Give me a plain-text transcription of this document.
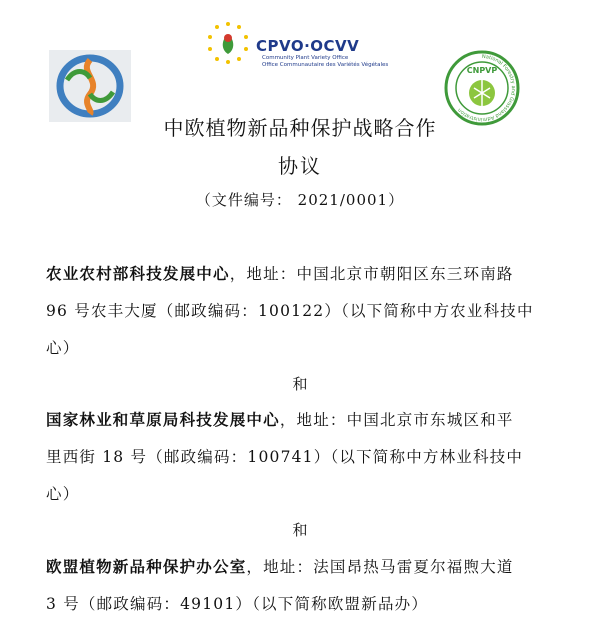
CPVO·OCVV
Community Plant Variety Office
Office Communautaire des Variétés Végétales
National Forestry and Grassland Administration
CNPVP
中欧植物新品种保护战略合作
协议
（文件编号： 2021/0001）
农业农村部科技发展中心，地址：中国北京市朝阳区东三环南路
96 号农丰大厦（邮政编码：100122）（以下简称中方农业科技中
心）
和
国家林业和草原局科技发展中心，地址：中国北京市东城区和平
里西街 18 号（邮政编码：100741）（以下简称中方林业科技中
心）
和
欧盟植物新品种保护办公室，地址：法国昂热马雷夏尔福煦大道
3 号（邮政编码：49101）（以下简称欧盟新品办）
